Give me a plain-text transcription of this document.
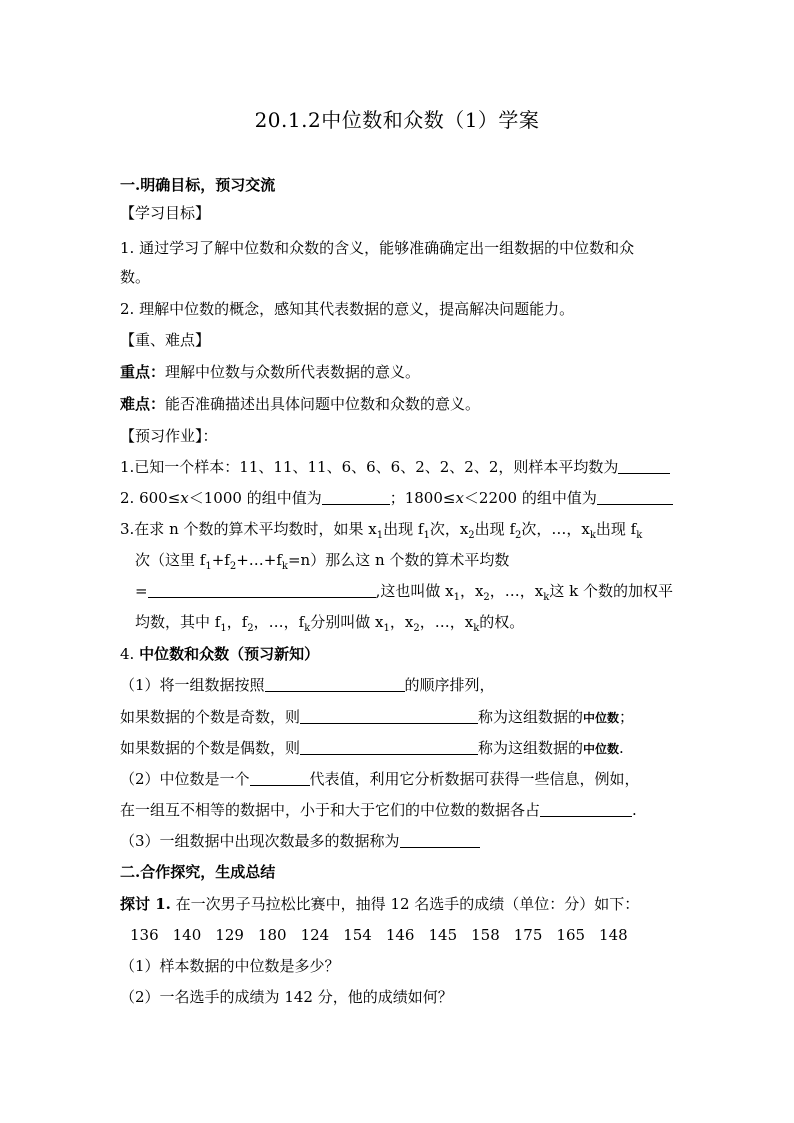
20.1.2中位数和众数（1）学案
一.明确目标，预习交流
【学习目标】
1. 通过学习了解中位数和众数的含义，能够准确确定出一组数据的中位数和众
数。
2. 理解中位数的概念，感知其代表数据的意义，提高解决问题能力。
【重、难点】
重点：理解中位数与众数所代表数据的意义。
难点：能否准确描述出具体问题中位数和众数的意义。
【预习作业】：
1.已知一个样本：11、11、11、6、6、6、2、2、2、2，则样本平均数为
2. 600≤x＜1000 的组中值为	；1800≤x＜2200 的组中值为
3.在求 n 个数的算术平均数时，如果 $x_1$出现 $f_1$次，$x_2$出现 $f_2$次，…，$x_k$出现 $f_k$
次（这里 $f_1+f_2+\dots+f_k=n$）那么这 n 个数的算术平均数
=	,这也叫做 $x_1$，$x_2$，…，$x_k$这 k 个数的加权平
均数，其中 $f_1$，$f_2$，…，$f_k$分别叫做 $x_1$，$x_2$，…，$x_k$的权。
4. 中位数和众数（预习新知）
（1）将一组数据按照	的顺序排列，
如果数据的个数是奇数，则	称为这组数据的中位数；
如果数据的个数是偶数，则	称为这组数据的中位数.
（2）中位数是一个	代表值，利用它分析数据可获得一些信息，例如，
在一组互不相等的数据中，小于和大于它们的中位数的数据各占	.
（3）一组数据中出现次数最多的数据称为
二.合作探究，生成总结
探讨 1. 在一次男子马拉松比赛中，抽得 12 名选手的成绩（单位：分）如下：
136 140 129 180 124 154 146 145 158 175 165 148
（1）样本数据的中位数是多少？
（2）一名选手的成绩为 142 分，他的成绩如何？
